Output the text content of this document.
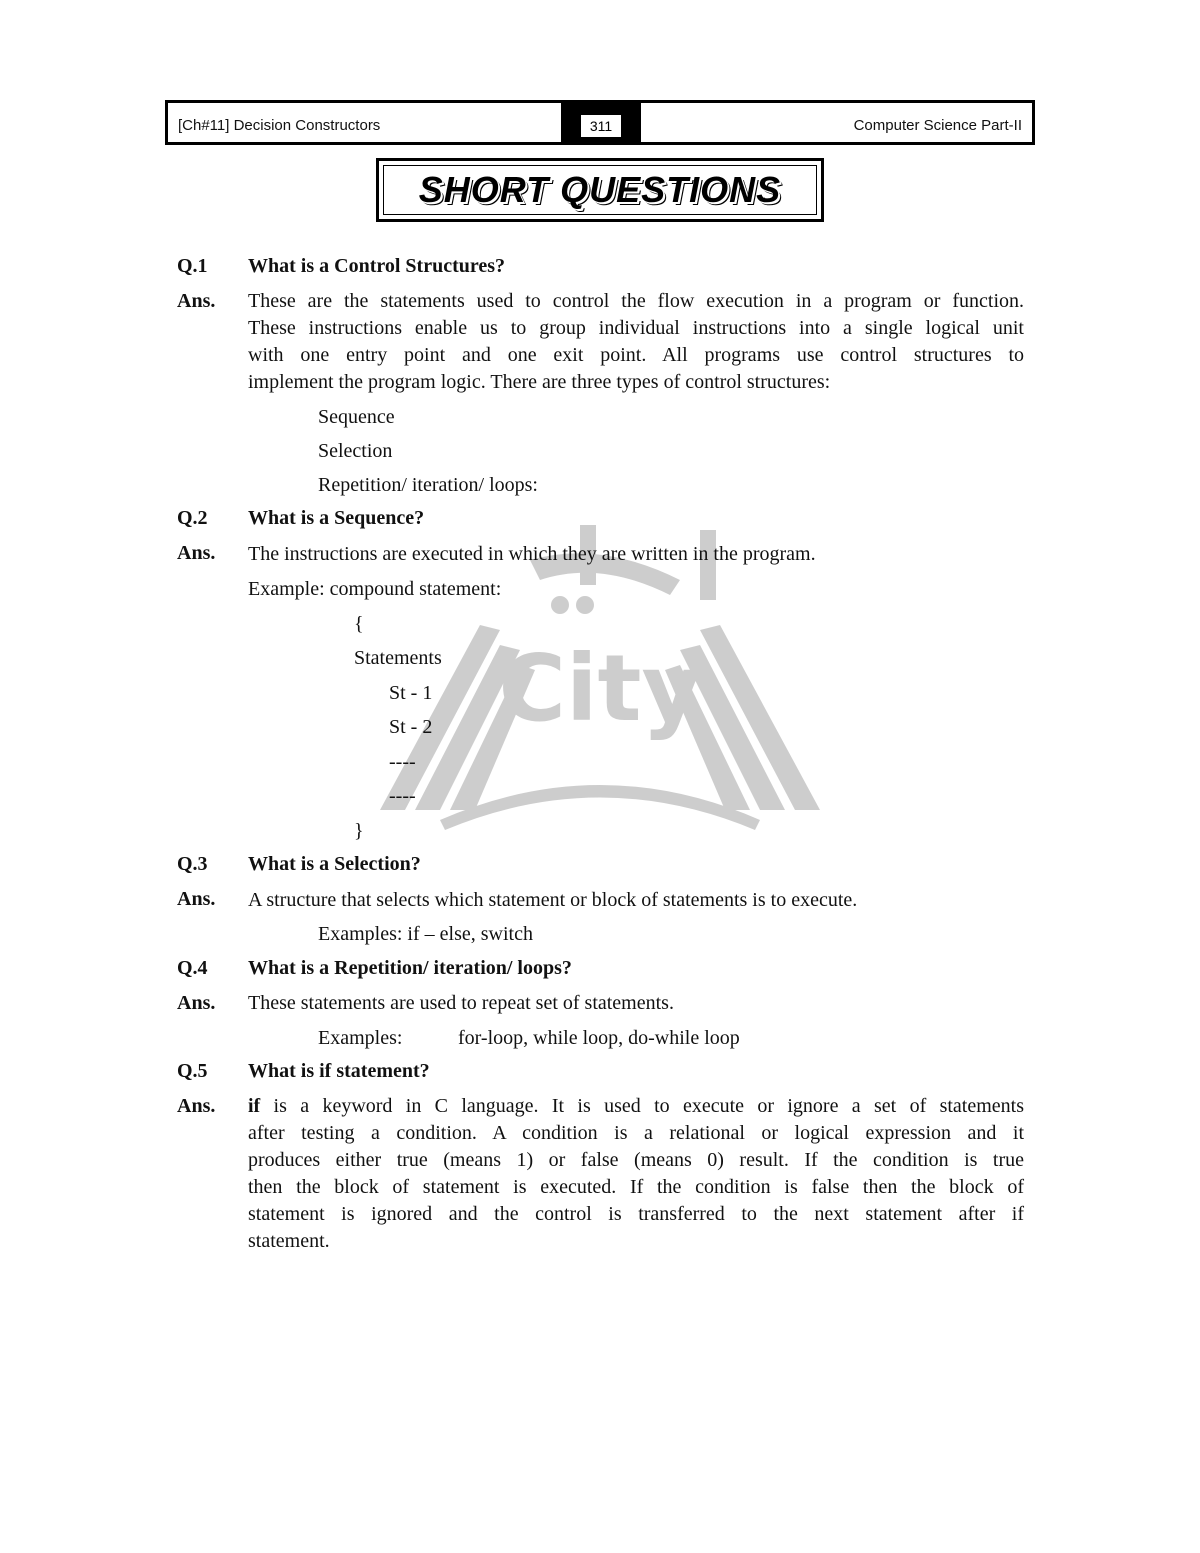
[Ch#11] Decision Constructors	311	Computer Science Part-II
SHORT QUESTIONS
City
Q.1 What is a Control Structures?
Ans. These are the statements used to control the flow execution in a program or function.
These instructions enable us to group individual instructions into a single logical unit
with one entry point and one exit point. All programs use control structures to
implement the program logic. There are three types of control structures:
Sequence
Selection
Repetition/ iteration/ loops:
Q.2 What is a Sequence?
Ans. The instructions are executed in which they are written in the program.
Example: compound statement:
{
Statements
St - 1
St - 2
----
----
}
Q.3 What is a Selection?
Ans. A structure that selects which statement or block of statements is to execute.
Examples: if – else, switch
Q.4 What is a Repetition/ iteration/ loops?
Ans. These statements are used to repeat set of statements.
Examples:	for-loop, while loop, do-while loop
Q.5 What is if statement?
Ans. if is a keyword in C language. It is used to execute or ignore a set of statements
after testing a condition. A condition is a relational or logical expression and it
produces either true (means 1) or false (means 0) result. If the condition is true
then the block of statement is executed. If the condition is false then the block of
statement is ignored and the control is transferred to the next statement after if
statement.
